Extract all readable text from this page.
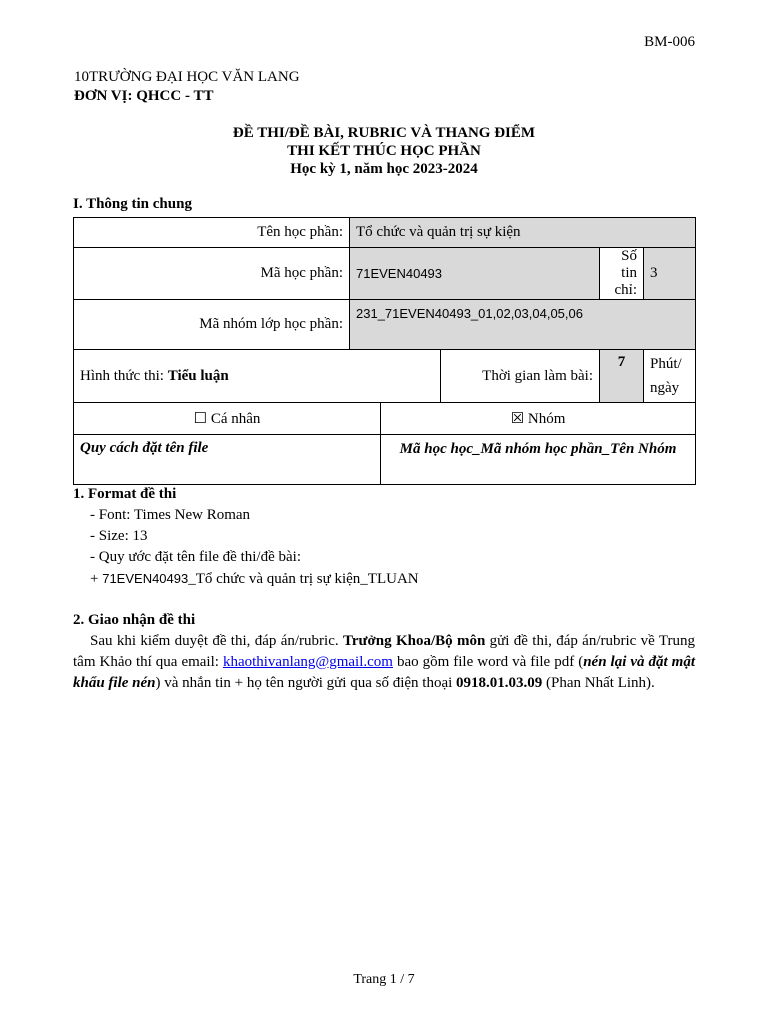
BM-006
10TRƯỜNG ĐẠI HỌC VĂN LANG
ĐƠN VỊ: QHCC - TT
ĐỀ THI/ĐỀ BÀI, RUBRIC VÀ THANG ĐIỂM
THI KẾT THÚC HỌC PHẦN
Học kỳ 1, năm học 2023-2024
I. Thông tin chung
Tên học phần:	Tổ chức và quản trị sự kiện				
Mã học phần:	71EVEN40493			Số tin chỉ:	3
Mã nhóm lớp học phần:	231_71EVEN40493_01,02,03,04,05,06				
Hình thức thi: Tiểu luận			Thời gian làm bài:	7	Phút/ ngày
☐ Cá nhân		☒ Nhóm			
Quy cách đặt tên file		Mã học học_Mã nhóm học phần_Tên Nhóm			
1. Format đề thi
- Font: Times New Roman
- Size: 13
- Quy ước đặt tên file đề thi/đề bài:
+ 71EVEN40493_Tổ chức và quản trị sự kiện_TLUAN
2. Giao nhận đề thi
Sau khi kiểm duyệt đề thi, đáp án/rubric. Trưởng Khoa/Bộ môn gửi đề thi, đáp án/rubric về Trung tâm Khảo thí qua email: khaothivanlang@gmail.com bao gồm file word và file pdf (nén lại và đặt mật khẩu file nén) và nhắn tin + họ tên người gửi qua số điện thoại 0918.01.03.09 (Phan Nhất Linh).
Trang 1 / 7
